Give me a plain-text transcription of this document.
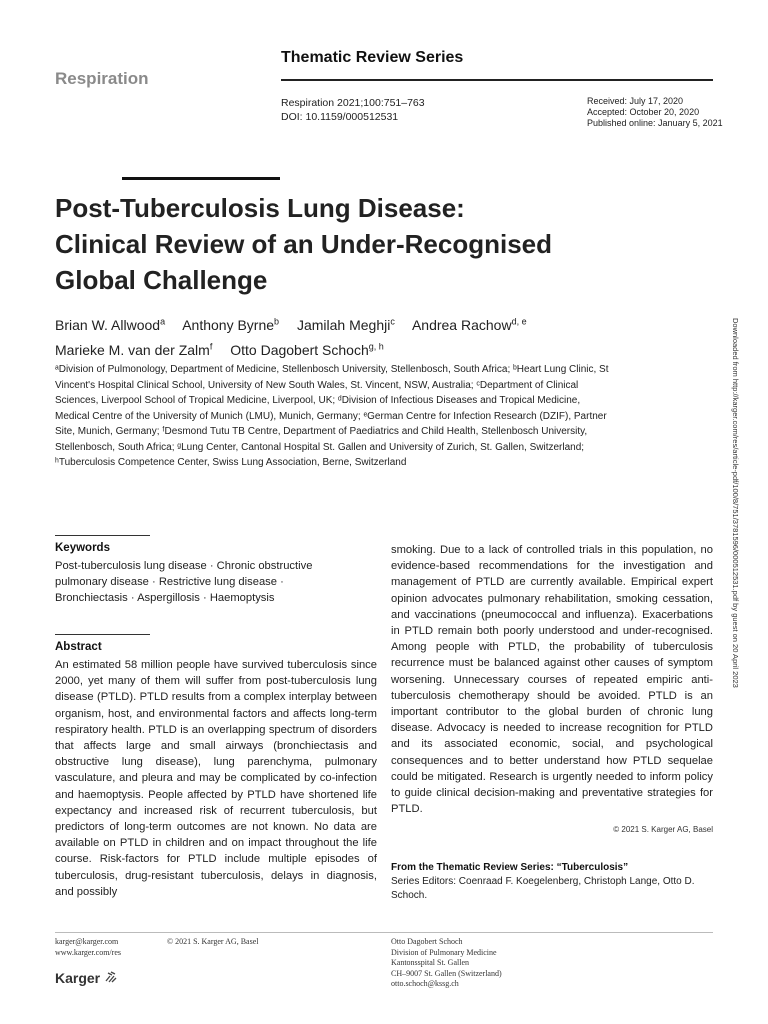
Respiration
Thematic Review Series
Respiration 2021;100:751–763
DOI: 10.1159/000512531
Received: July 17, 2020
Accepted: October 20, 2020
Published online: January 5, 2021
Post-Tuberculosis Lung Disease:
Clinical Review of an Under-Recognised
Global Challenge
Brian W. Allwood$^a$ Anthony Byrne$^b$ Jamilah Meghji$^c$ Andrea Rachow$^{d, e}$
Marieke M. van der Zalm$^f$ Otto Dagobert Schoch$^{g, h}$
ᵃDivision of Pulmonology, Department of Medicine, Stellenbosch University, Stellenbosch, South Africa; ᵇHeart Lung Clinic, St Vincent's Hospital Clinical School, University of New South Wales, St. Vincent, NSW, Australia; ᶜDepartment of Clinical Sciences, Liverpool School of Tropical Medicine, Liverpool, UK; ᵈDivision of Infectious Diseases and Tropical Medicine, Medical Centre of the University of Munich (LMU), Munich, Germany; ᵉGerman Centre for Infection Research (DZIF), Partner Site, Munich, Germany; ᶠDesmond Tutu TB Centre, Department of Paediatrics and Child Health, Stellenbosch University, Stellenbosch, South Africa; ᵍLung Center, Cantonal Hospital St. Gallen and University of Zurich, St. Gallen, Switzerland; ʰTuberculosis Competence Center, Swiss Lung Association, Berne, Switzerland	Downloaded from http://karger.com/res/article-pdf/100/8/751/3781596/000512531.pdf by guest on 20 April 2023
Keywords
Post-tuberculosis lung disease · Chronic obstructive pulmonary disease · Restrictive lung disease · Bronchiectasis · Aspergillosis · Haemoptysis
Abstract
An estimated 58 million people have survived tuberculosis since 2000, yet many of them will suffer from post-tuberculosis lung disease (PTLD). PTLD results from a complex interplay between organism, host, and environmental factors and affects long-term respiratory health. PTLD is an overlapping spectrum of disorders that affects large and small airways (bronchiectasis and obstructive lung disease), lung parenchyma, pulmonary vasculature, and pleura and may be complicated by co-infection and haemoptysis. People affected by PTLD have shortened life expectancy and increased risk of recurrent tuberculosis, but predictors of long-term outcomes are not known. No data are available on PTLD in children and on impact throughout the life course. Risk-factors for PTLD include multiple episodes of tuberculosis, drug-resistant tuberculosis, delays in diagnosis, and possibly
smoking. Due to a lack of controlled trials in this population, no evidence-based recommendations for the investigation and management of PTLD are currently available. Empirical expert opinion advocates pulmonary rehabilitation, smoking cessation, and vaccinations (pneumococcal and influenza). Exacerbations in PTLD remain both poorly understood and under-recognised. Among people with PTLD, the probability of tuberculosis recurrence must be balanced against other causes of symptom worsening. Unnecessary courses of repeated empiric anti-tuberculosis chemotherapy should be avoided. PTLD is an important contributor to the global burden of chronic lung disease. Advocacy is needed to increase recognition for PTLD and its associated economic, social, and psychological consequences and to better understand how PTLD sequelae could be mitigated. Research is urgently needed to inform policy to guide clinical decision-making and preventative strategies for PTLD.
© 2021 S. Karger AG, Basel
From the Thematic Review Series: “Tuberculosis”
Series Editors: Coenraad F. Koegelenberg, Christoph Lange, Otto D. Schoch.
karger@karger.com
www.karger.com/res
© 2021 S. Karger AG, Basel
Karger
Otto Dagobert Schoch
Division of Pulmonary Medicine
Kantonsspital St. Gallen
CH–9007 St. Gallen (Switzerland)
otto.schoch@kssg.ch
